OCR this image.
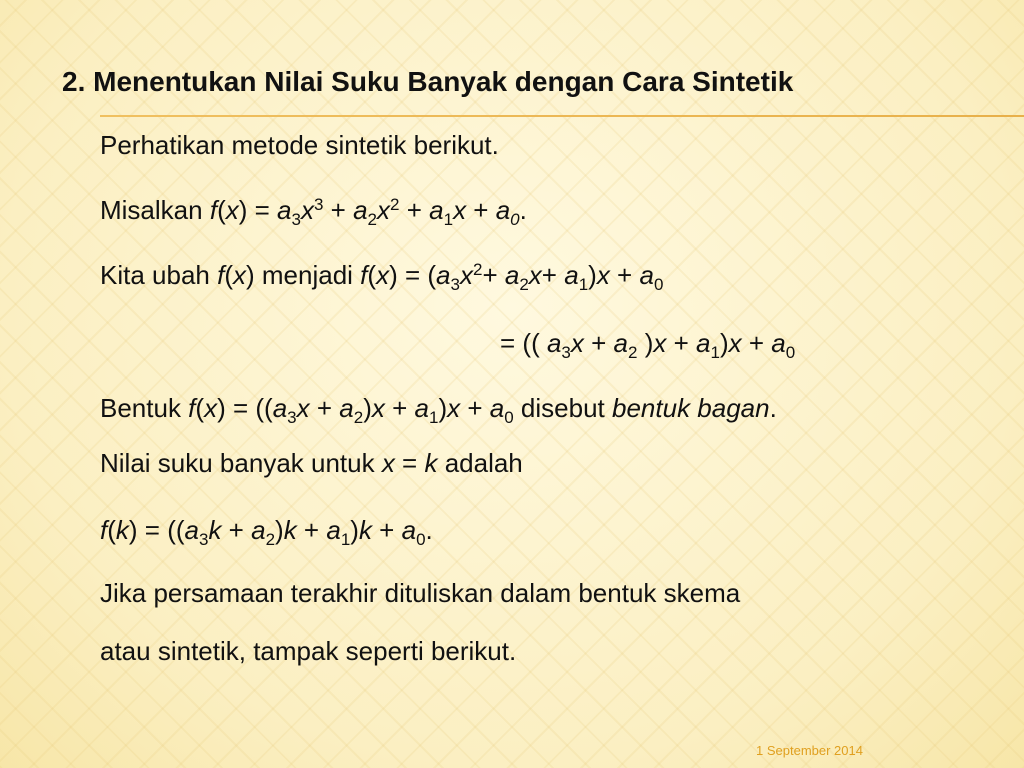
2. Menentukan Nilai Suku Banyak dengan Cara Sintetik
Perhatikan metode sintetik berikut.
Misalkan $f(x) = a_3x^3 + a_2x^2 + a_1x + a_0$.
Kita ubah f(x) menjadi $f(x) = (a_3x^2+ a_2x+ a_1)x + a_0$
= (( $a_3x + a_2$ )$x + a_1)x + a_0$
Bentuk $f(x) = ((a_3x + a_2)x + a_1)x + a_0$ disebut bentuk bagan.
Nilai suku banyak untuk x = k adalah
$f(k) = ((a_3k + a_2)k + a_1)k + a_0$.
Jika persamaan terakhir dituliskan dalam bentuk skema
atau sintetik, tampak seperti berikut.
1 September 2014
